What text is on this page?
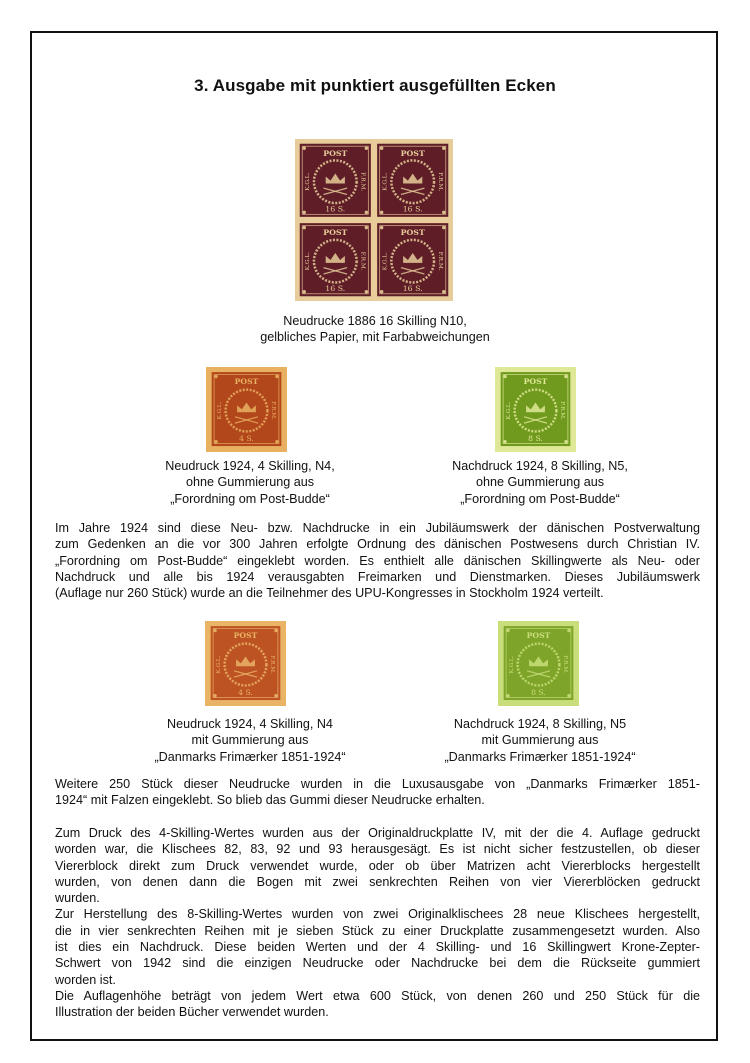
3. Ausgabe mit punktiert ausgefüllten Ecken
POST
16 S.
K.G.L.	F.R.M.
POST
16 S.
K.G.L.	F.R.M.
POST
16 S.
K.G.L.	F.R.M.
POST
16 S.
K.G.L.	F.R.M.
Neudrucke 1886 16 Skilling N10,
gelbliches Papier, mit Farbabweichungen
POST
4 S.
K.G.L.	F.R.M.
POST
8 S.
K.G.L.	F.R.M.
Neudruck 1924, 4 Skilling, N4,
ohne Gummierung aus
„Forordning om Post-Budde“
Nachdruck 1924, 8 Skilling, N5,
ohne Gummierung aus
„Forordning om Post-Budde“
Im Jahre 1924 sind diese Neu- bzw. Nachdrucke in ein Jubiläumswerk der dänischen Postverwaltung
zum Gedenken an die vor 300 Jahren erfolgte Ordnung des dänischen Postwesens durch Christian IV.
„Forordning om Post-Budde“ eingeklebt worden. Es enthielt alle dänischen Skillingwerte als Neu- oder
Nachdruck und alle bis 1924 verausgabten Freimarken und Dienstmarken. Dieses Jubiläumswerk
(Auflage nur 260 Stück) wurde an die Teilnehmer des UPU-Kongresses in Stockholm 1924 verteilt.
POST
4 S.
K.G.L.	F.R.M.
POST
8 S.
K.G.L.	F.R.M.
Neudruck 1924, 4 Skilling, N4
mit Gummierung aus
„Danmarks Frimærker 1851-1924“
Nachdruck 1924, 8 Skilling, N5
mit Gummierung aus
„Danmarks Frimærker 1851-1924“
Weitere 250 Stück dieser Neudrucke wurden in die Luxusausgabe von „Danmarks Frimærker 1851-
1924“ mit Falzen eingeklebt. So blieb das Gummi dieser Neudrucke erhalten.
Zum Druck des 4-Skilling-Wertes wurden aus der Originaldruckplatte IV, mit der die 4. Auflage gedruckt
worden war, die Klischees 82, 83, 92 und 93 herausgesägt. Es ist nicht sicher festzustellen, ob dieser
Viererblock direkt zum Druck verwendet wurde, oder ob über Matrizen acht Viererblocks hergestellt
wurden, von denen dann die Bogen mit zwei senkrechten Reihen von vier Viererblöcken gedruckt
wurden.
Zur Herstellung des 8-Skilling-Wertes wurden von zwei Originalklischees 28 neue Klischees hergestellt,
die in vier senkrechten Reihen mit je sieben Stück zu einer Druckplatte zusammengesetzt wurden. Also
ist dies ein Nachdruck. Diese beiden Werten und der 4 Skilling- und 16 Skillingwert Krone-Zepter-
Schwert von 1942 sind die einzigen Neudrucke oder Nachdrucke bei dem die Rückseite gummiert
worden ist.
Die Auflagenhöhe beträgt von jedem Wert etwa 600 Stück, von denen 260 und 250 Stück für die
Illustration der beiden Bücher verwendet wurden.
